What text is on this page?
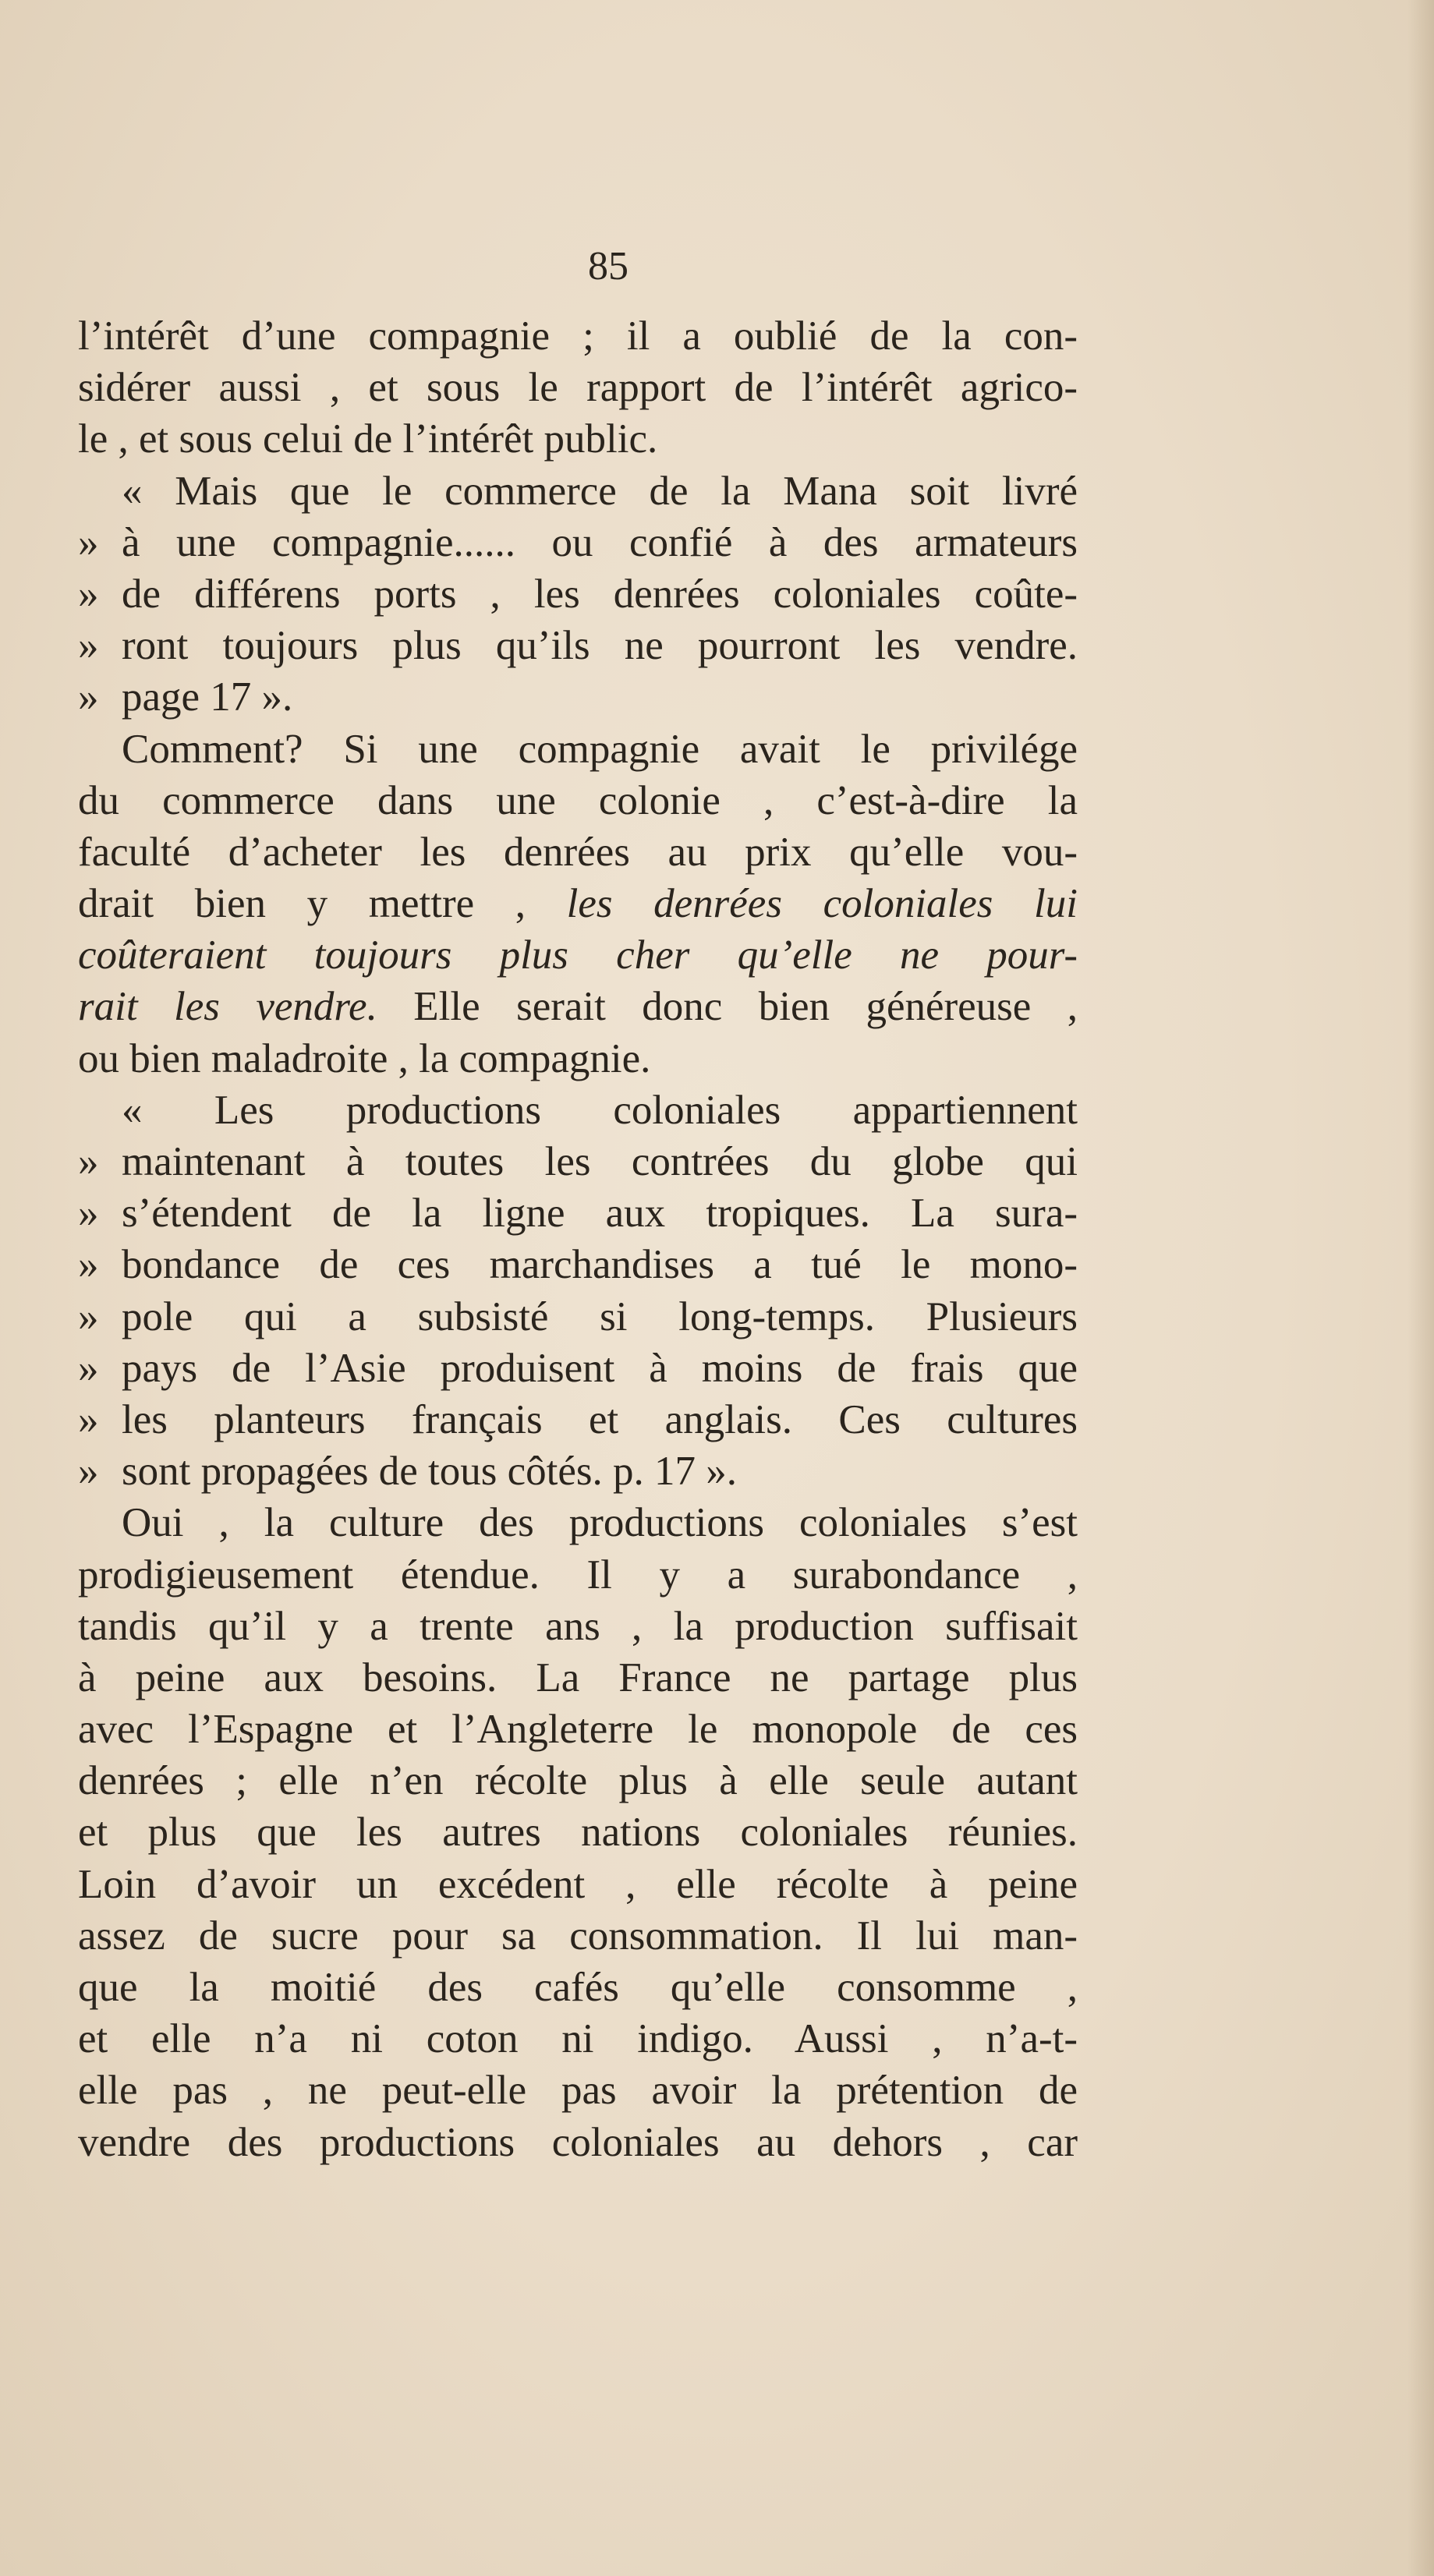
85
l’intérêt d’une compagnie ; il a oublié de la con-
sidérer aussi , et sous le rapport de l’intérêt agrico-
le , et sous celui de l’intérêt public.
« Mais que le commerce de la Mana soit livré
» à une compagnie...... ou confié à des armateurs
» de différens ports , les denrées coloniales coûte-
» ront toujours plus qu’ils ne pourront les vendre.
» page 17 ».
Comment? Si une compagnie avait le privilége
du commerce dans une colonie , c’est-à-dire la
faculté d’acheter les denrées au prix qu’elle vou-
drait bien y mettre , les denrées coloniales lui
coûteraient toujours plus cher qu’elle ne pour-
rait les vendre. Elle serait donc bien généreuse ,
ou bien maladroite , la compagnie.
« Les productions coloniales appartiennent
» maintenant à toutes les contrées du globe qui
» s’étendent de la ligne aux tropiques. La sura-
» bondance de ces marchandises a tué le mono-
» pole qui a subsisté si long-temps. Plusieurs
» pays de l’Asie produisent à moins de frais que
» les planteurs français et anglais. Ces cultures
» sont propagées de tous côtés. p. 17 ».
Oui , la culture des productions coloniales s’est
prodigieusement étendue. Il y a surabondance ,
tandis qu’il y a trente ans , la production suffisait
à peine aux besoins. La France ne partage plus
avec l’Espagne et l’Angleterre le monopole de ces
denrées ; elle n’en récolte plus à elle seule autant
et plus que les autres nations coloniales réunies.
Loin d’avoir un excédent , elle récolte à peine
assez de sucre pour sa consommation. Il lui man-
que la moitié des cafés qu’elle consomme ,
et elle n’a ni coton ni indigo. Aussi , n’a-t-
elle pas , ne peut-elle pas avoir la prétention de
vendre des productions coloniales au dehors , car
